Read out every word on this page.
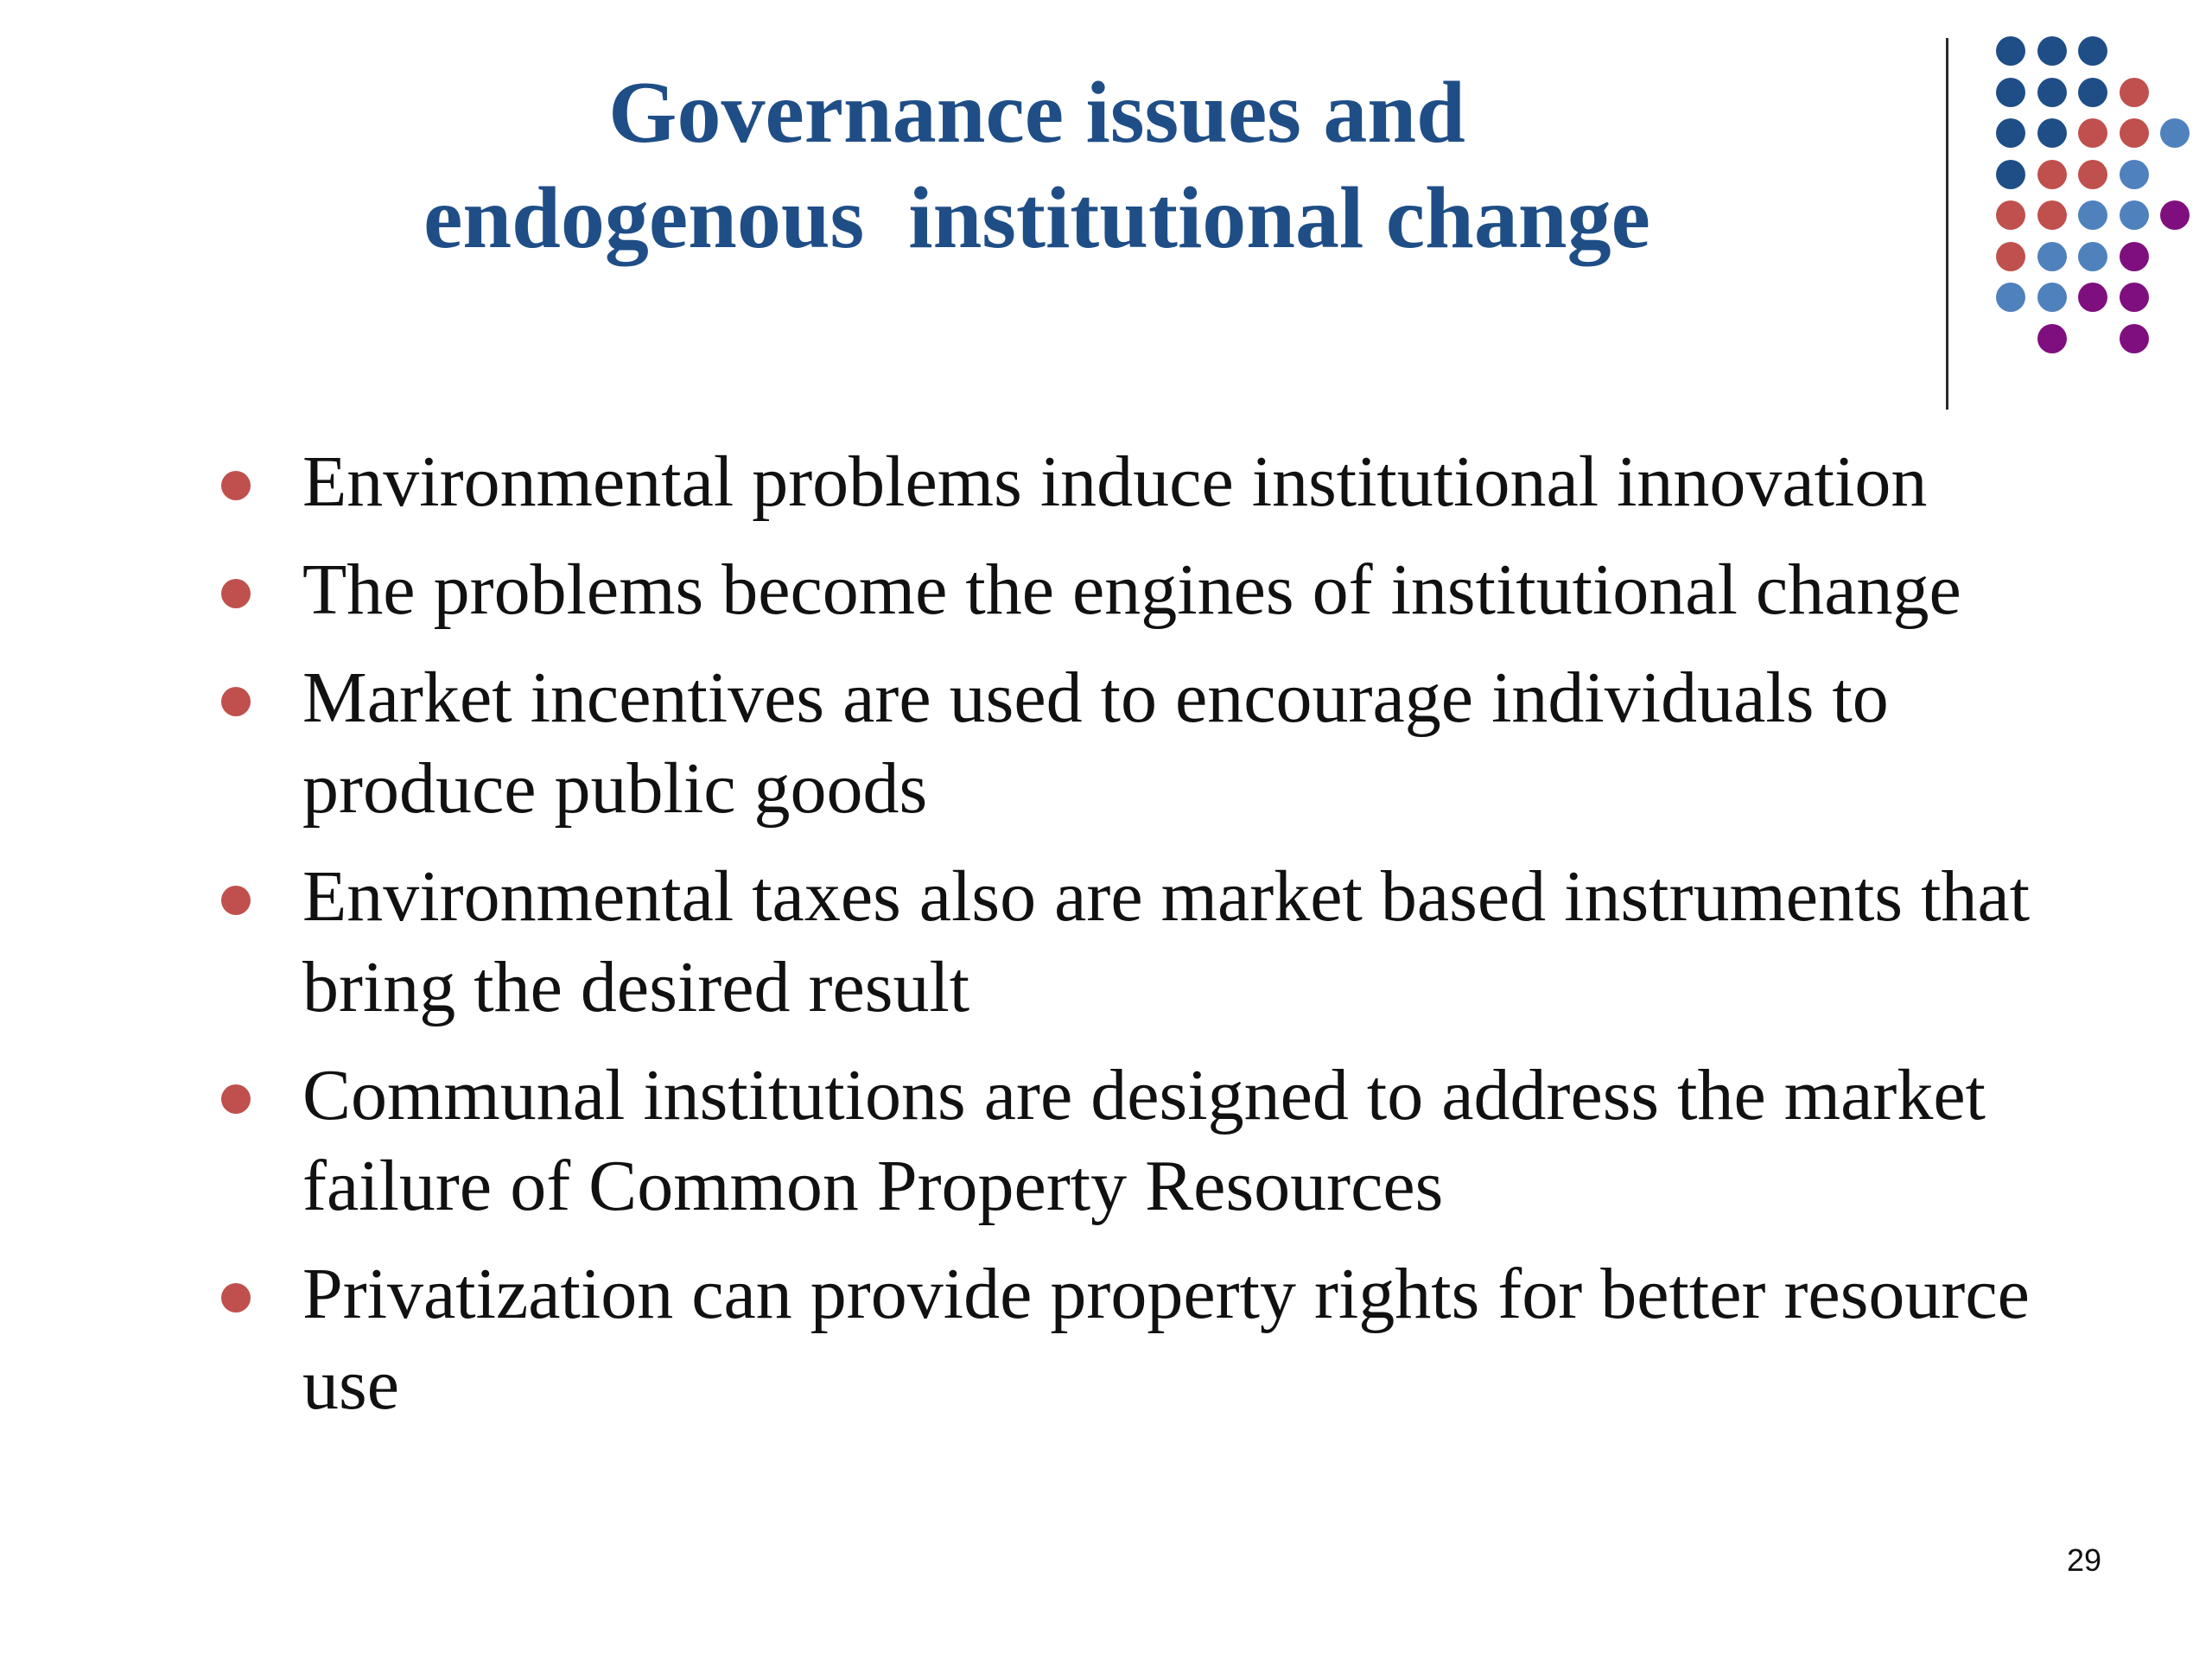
Governance issues and
endogenous  institutional change
Environmental problems induce institutional innovation
The problems become the engines of institutional change
Market incentives are used to encourage individuals to produce public goods
Environmental taxes also are market based instruments that bring the desired result
Communal institutions are designed to address the market failure of Common Property Resources
Privatization can provide property rights for better resource use
29
